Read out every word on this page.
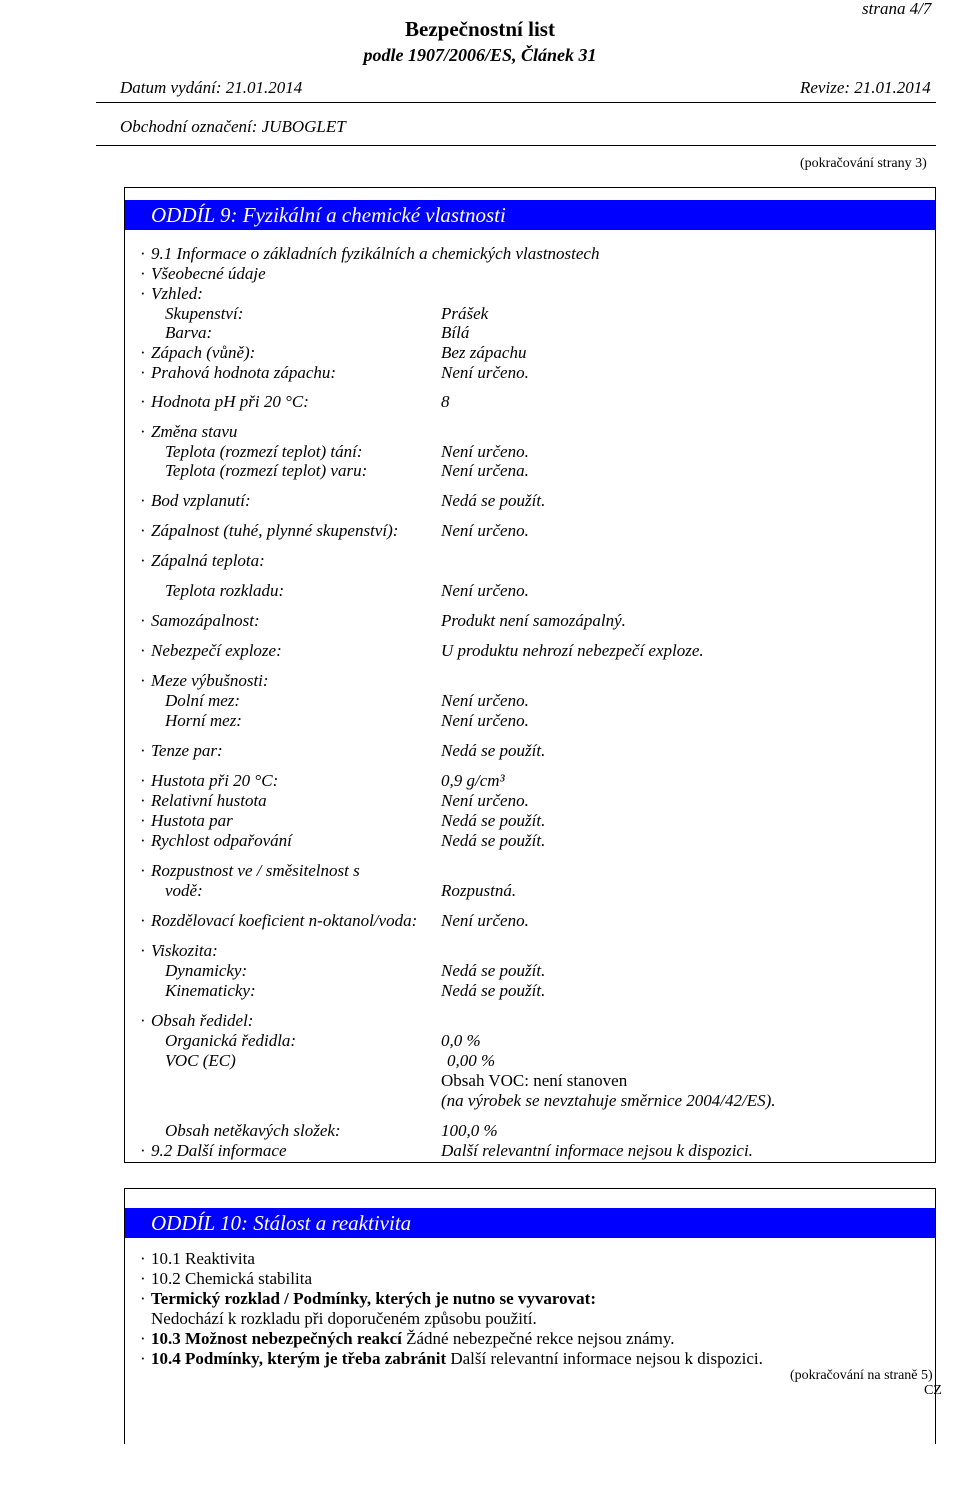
strana 4/7
Bezpečnostní list
podle 1907/2006/ES, Článek 31
Datum vydání: 21.01.2014	Revize: 21.01.2014
Obchodní označení: JUBOGLET
(pokračování strany 3)
ODDÍL 9: Fyzikální a chemické vlastnosti
· 9.1 Informace o základních fyzikálních a chemických vlastnostech
· Všeobecné údaje
· Vzhled:
Skupenství:	Prášek
Barva:	Bílá
· Zápach (vůně):	Bez zápachu
· Prahová hodnota zápachu:	Není určeno.
· Hodnota pH při 20 °C:	8
· Změna stavu
Teplota (rozmezí teplot) tání:	Není určeno.
Teplota (rozmezí teplot) varu:	Není určena.
· Bod vzplanutí:	Nedá se použít.
· Zápalnost (tuhé, plynné skupenství):	Není určeno.
· Zápalná teplota:
Teplota rozkladu:	Není určeno.
· Samozápalnost:	Produkt není samozápalný.
· Nebezpečí exploze:	U produktu nehrozí nebezpečí exploze.
· Meze výbušnosti:
Dolní mez:	Není určeno.
Horní mez:	Není určeno.
· Tenze par:	Nedá se použít.
· Hustota při 20 °C:	0,9 g/cm³
· Relativní hustota	Není určeno.
· Hustota par	Nedá se použít.
· Rychlost odpařování	Nedá se použít.
· Rozpustnost ve / směsitelnost s
vodě:	Rozpustná.
· Rozdělovací koeficient n-oktanol/voda: Není určeno.
· Viskozita:
Dynamicky:	Nedá se použít.
Kinematicky:	Nedá se použít.
· Obsah ředidel:
Organická ředidla:	0,0 %
VOC (EC)	0,00 %
Obsah VOC: není stanoven
(na výrobek se nevztahuje směrnice 2004/42/ES).
Obsah netěkavých složek:	100,0 %
· 9.2 Další informace	Další relevantní informace nejsou k dispozici.
ODDÍL 10: Stálost a reaktivita
· 10.1 Reaktivita
· 10.2 Chemická stabilita
· Termický rozklad / Podmínky, kterých je nutno se vyvarovat:
Nedochází k rozkladu při doporučeném způsobu použití.
· 10.3 Možnost nebezpečných reakcí Žádné nebezpečné rekce nejsou známy.
· 10.4 Podmínky, kterým je třeba zabránit Další relevantní informace nejsou k dispozici.
(pokračování na straně 5)
CZ
